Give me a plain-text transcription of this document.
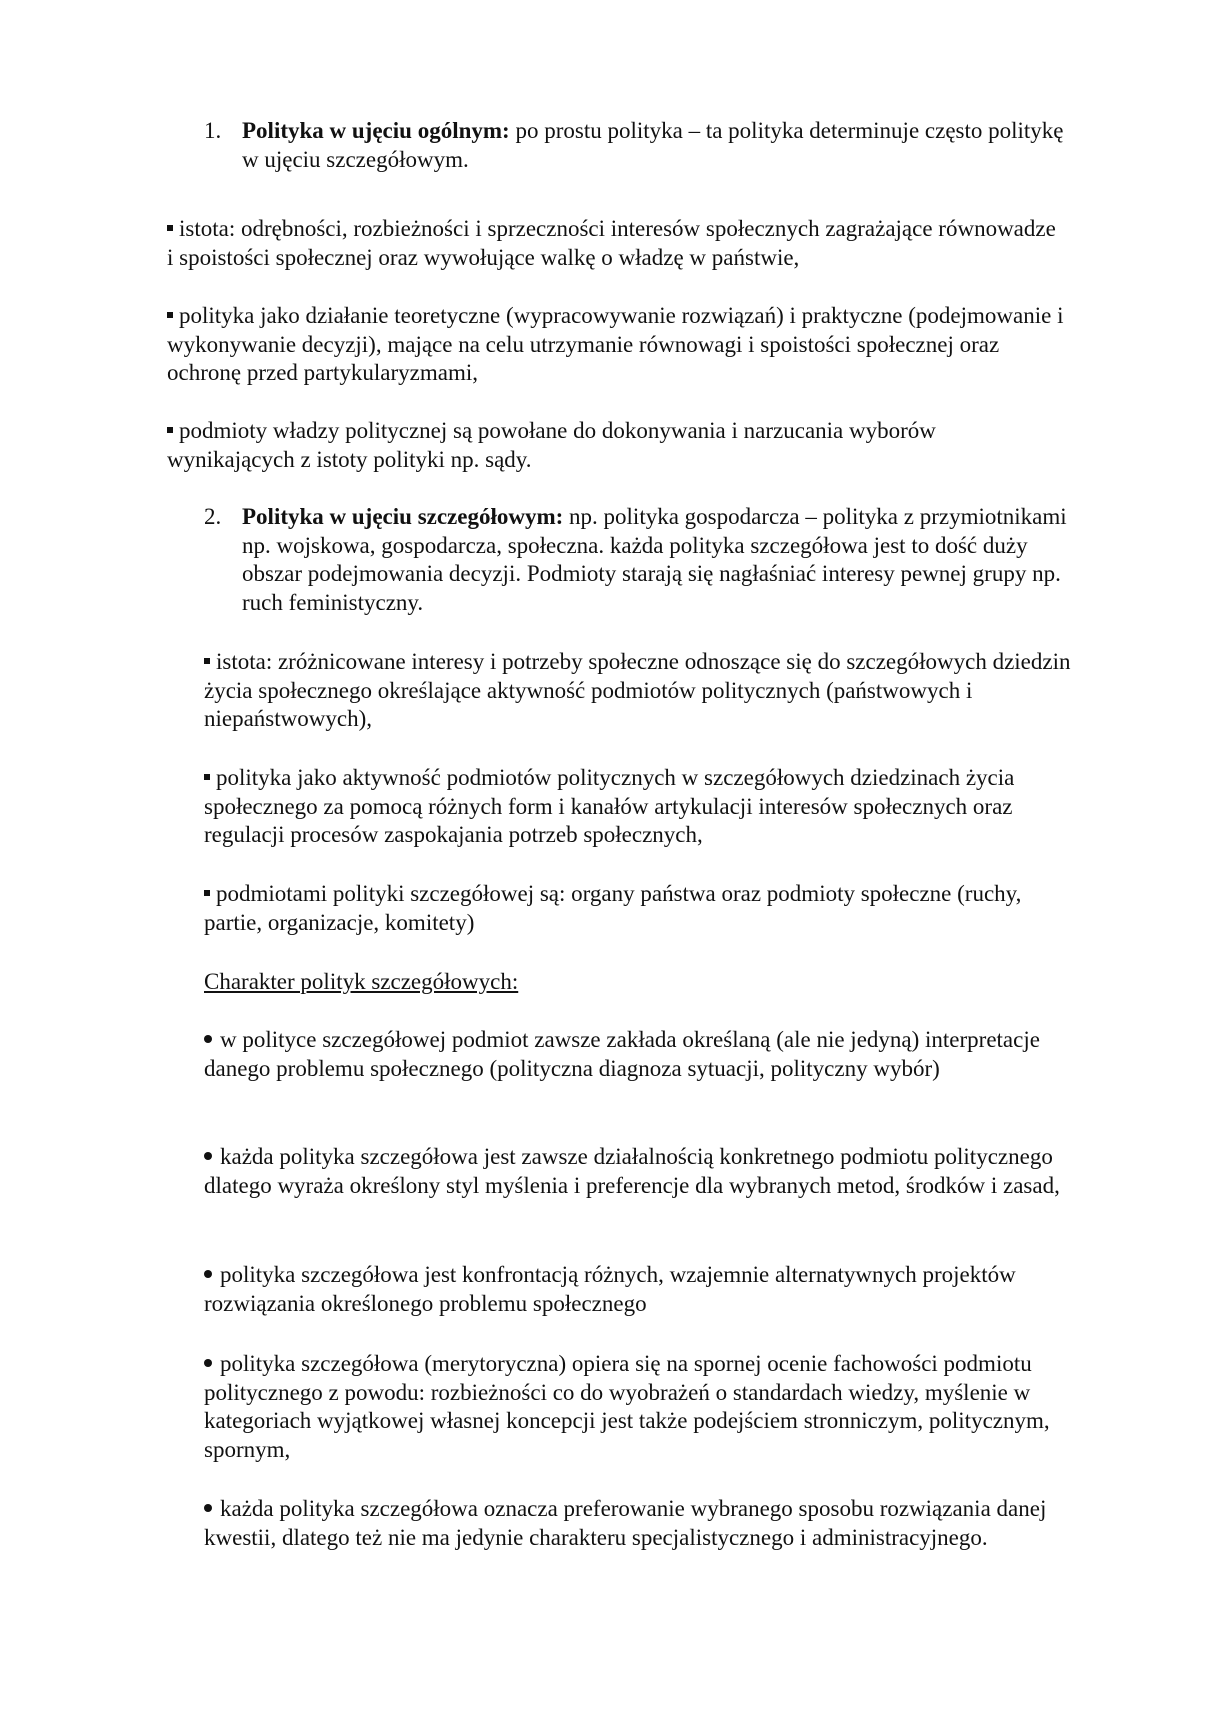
1. Polityka w ujęciu ogólnym: po prostu polityka – ta polityka determinuje często politykę w ujęciu szczegółowym.

istota: odrębności, rozbieżności i sprzeczności interesów społecznych zagrażające równowadze i spoistości społecznej oraz wywołujące walkę o władzę w państwie,

polityka jako działanie teoretyczne (wypracowywanie rozwiązań) i praktyczne (podejmowanie i wykonywanie decyzji), mające na celu utrzymanie równowagi i spoistości społecznej oraz ochronę przed partykularyzmami,

podmioty władzy politycznej są powołane do dokonywania i narzucania wyborów wynikających z istoty polityki np. sądy.

2. Polityka w ujęciu szczegółowym: np. polityka gospodarcza – polityka z przymiotnikami np. wojskowa, gospodarcza, społeczna. każda polityka szczegółowa jest to dość duży obszar podejmowania decyzji. Podmioty starają się nagłaśniać interesy pewnej grupy np. ruch feministyczny.

istota: zróżnicowane interesy i potrzeby społeczne odnoszące się do szczegółowych dziedzin życia społecznego określające aktywność podmiotów politycznych (państwowych i niepaństwowych),

polityka jako aktywność podmiotów politycznych w szczegółowych dziedzinach życia społecznego za pomocą różnych form i kanałów artykulacji interesów społecznych oraz regulacji procesów zaspokajania potrzeb społecznych,

podmiotami polityki szczegółowej są: organy państwa oraz podmioty społeczne (ruchy, partie, organizacje, komitety)

Charakter polityk szczegółowych:

w polityce szczegółowej podmiot zawsze zakłada określaną (ale nie jedyną) interpretacje danego problemu społecznego (polityczna diagnoza sytuacji, polityczny wybór)

każda polityka szczegółowa jest zawsze działalnością konkretnego podmiotu politycznego dlatego wyraża określony styl myślenia i preferencje dla wybranych metod, środków i zasad,

polityka szczegółowa jest konfrontacją różnych, wzajemnie alternatywnych projektów rozwiązania określonego problemu społecznego

polityka szczegółowa (merytoryczna) opiera się na spornej ocenie fachowości podmiotu politycznego z powodu: rozbieżności co do wyobrażeń o standardach wiedzy, myślenie w kategoriach wyjątkowej własnej koncepcji jest także podejściem stronniczym, politycznym, spornym,

każda polityka szczegółowa oznacza preferowanie wybranego sposobu rozwiązania danej kwestii, dlatego też nie ma jedynie charakteru specjalistycznego i administracyjnego.
